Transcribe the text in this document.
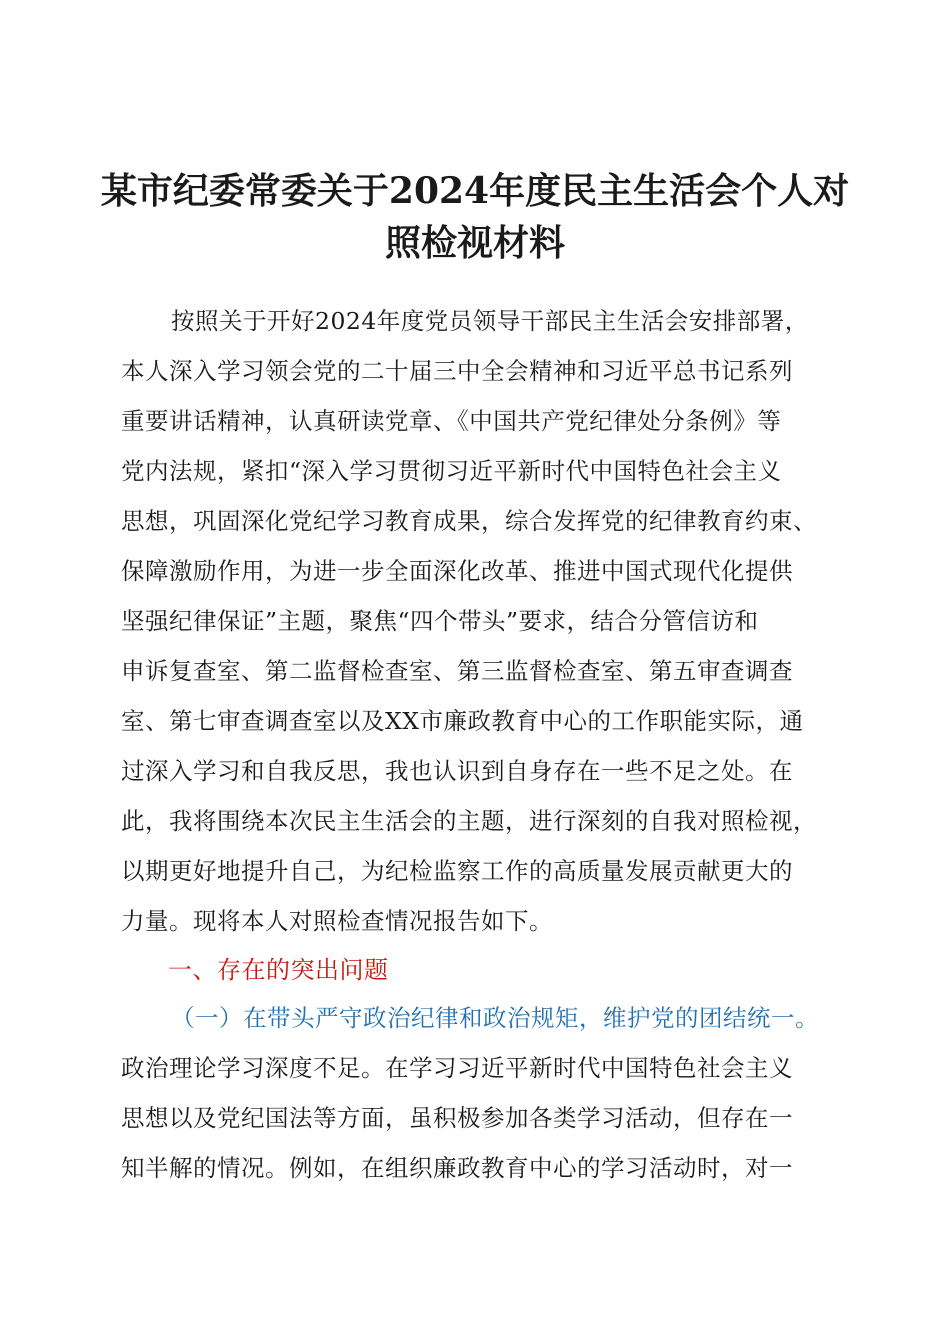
某市纪委常委关于2024年度民主生活会个人对
照检视材料
按照关于开好2024年度党员领导干部民主生活会安排部署，
本人深入学习领会党的二十届三中全会精神和习近平总书记系列
重要讲话精神，认真研读党章、《中国共产党纪律处分条例》等
党内法规，紧扣“深入学习贯彻习近平新时代中国特色社会主义
思想，巩固深化党纪学习教育成果，综合发挥党的纪律教育约束、
保障激励作用，为进一步全面深化改革、推进中国式现代化提供
坚强纪律保证”主题，聚焦“四个带头”要求，结合分管信访和
申诉复查室、第二监督检查室、第三监督检查室、第五审查调查
室、第七审查调查室以及XX市廉政教育中心的工作职能实际，通
过深入学习和自我反思，我也认识到自身存在一些不足之处。在
此，我将围绕本次民主生活会的主题，进行深刻的自我对照检视，
以期更好地提升自己，为纪检监察工作的高质量发展贡献更大的
力量。现将本人对照检查情况报告如下。
一、存在的突出问题
（一）在带头严守政治纪律和政治规矩，维护党的团结统一。
政治理论学习深度不足。在学习习近平新时代中国特色社会主义
思想以及党纪国法等方面，虽积极参加各类学习活动，但存在一
知半解的情况。例如，在组织廉政教育中心的学习活动时，对一
